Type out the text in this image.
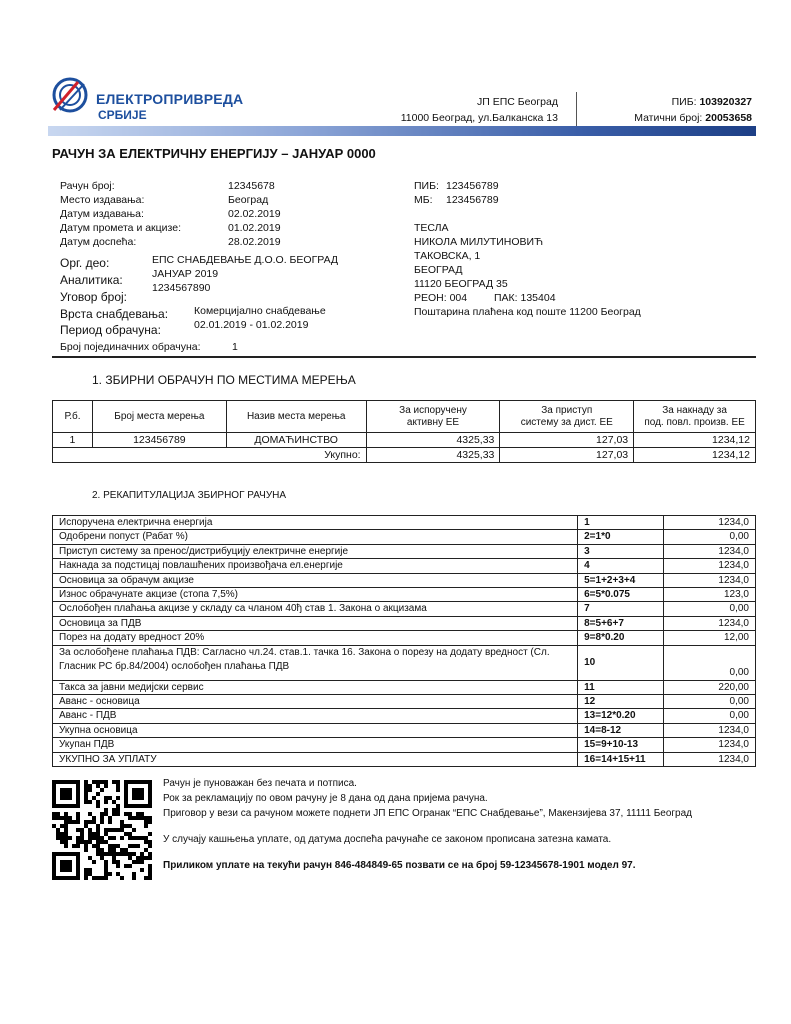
ЕЛЕКТРОПРИВРЕДА
СРБИЈЕ
ЈП ЕПС Београд
11000 Београд, ул.Балканска 13
ПИБ: 103920327
Матични број: 20053658
РАЧУН ЗА ЕЛЕКТРИЧНУ ЕНЕРГИЈУ – ЈАНУАР 0000
Рачун број:	12345678
Место издавања:	Београд
Датум издавања:	02.02.2019
Датум промета и акцизе:	01.02.2019
Датум доспећа:	28.02.2019
Орг. део:
Аналитика:
Уговор број:
ЕПС СНАБДЕВАЊЕ Д.О.О. БЕОГРАД
ЈАНУАР 2019
1234567890
Врста снабдевања: Комерцијално снабдевање
Период обрачуна:	02.01.2019 - 01.02.2019
Број појединачних обрачуна:	1
ПИБ: 123456789
МБ: 123456789
ТЕСЛА
НИКОЛА МИЛУТИНОВИЋ
ТАКОВСКА, 1
БЕОГРАД
11120 БЕОГРАД 35
РЕОН: 004	ПАК: 135404
Поштарина плаћена код поште 11200 Београд
1. ЗБИРНИ ОБРАЧУН ПО МЕСТИМА МЕРЕЊА
Р.б.	Број места мерења	Назив места мерења	За испоручену
активну ЕЕ	За приступ
систему за дист. ЕЕ	За накнаду за
под. повл. произв. ЕЕ
1	123456789	ДОМАЋИНСТВО	4325,33	127,03	1234,12
Укупно:			4325,33	127,03	1234,12
2. РЕКАПИТУЛАЦИЈА ЗБИРНОГ РАЧУНА
Испоручена електрична енергија	1	1234,0
Одобрени попуст (Рабат %)	2=1*0	0,00
Приступ систему за пренос/дистрибуцију електричне енергије	3	1234,0
Накнада за подстицај повлашћених произвођача ел.енергије	4	1234,0
Основица за обрачум акцизе	5=1+2+3+4	1234,0
Износ обрачунате акцизе (стопа 7,5%)	6=5*0.075	123,0
Ослобођен плаћања акцизе у складу са чланом 40ђ став 1. Закона о акцизама	7	0,00
Основица за ПДВ	8=5+6+7	1234,0
Порез на додату вредност 20%	9=8*0.20	12,00
За ослобођене плаћања ПДВ: Сагласно чл.24. став.1. тачка 16. Закона о порезу на додату вредност (Сл. Гласник РС бр.84/2004) ослобођен плаћања ПДВ	10	0,00
Такса за јавни медијски сервис	11	220,00
Аванс - основица	12	0,00
Аванс - ПДВ	13=12*0.20	0,00
Укупна основица	14=8-12	1234,0
Укупан ПДВ	15=9+10-13	1234,0
УКУПНО ЗА УПЛАТУ	16=14+15+11	1234,0
Рачун је пуноважан без печата и потписа.
Рок за рекламацију по овом рачуну је 8 дана од дана пријема рачуна.
Приговор у вези са рачуном можете поднети ЈП ЕПС Огранак “ЕПС Снабдевање”, Макензијева 37, 11111 Београд
У случају кашњења уплате, од датума доспећа рачунаће се законом прописана затезна камата.
Приликом уплате на текући рачун 846-484849-65 позвати се на број 59-12345678-1901 модел 97.
